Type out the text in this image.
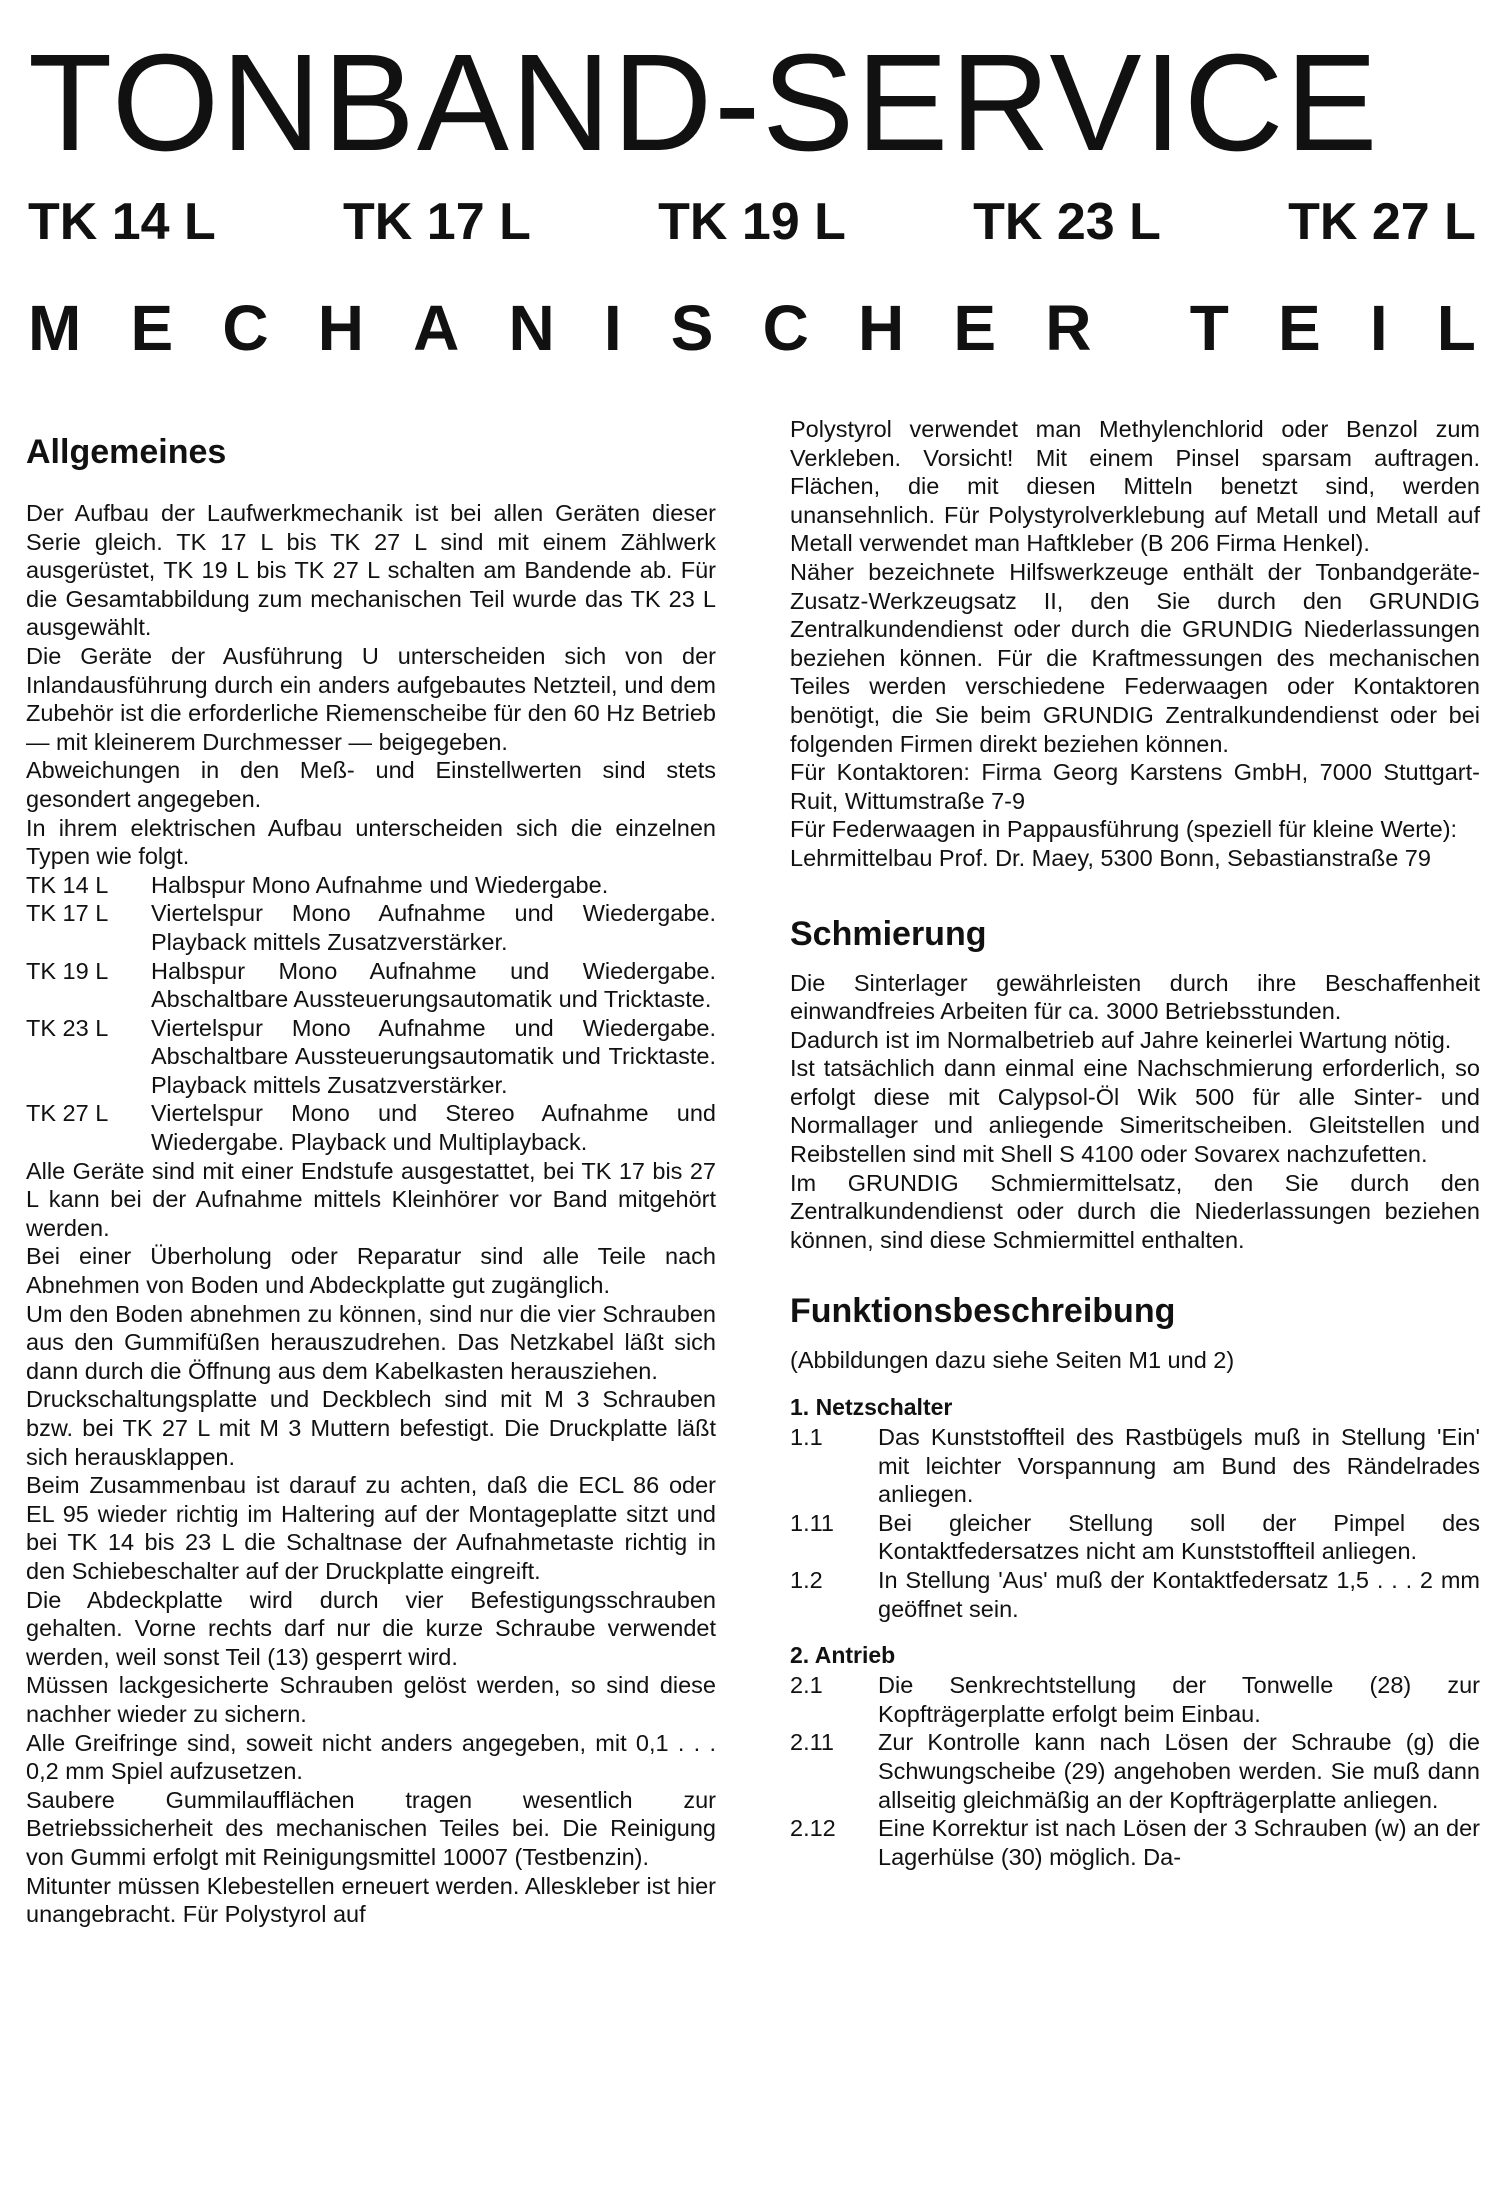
TONBAND-SERVICE
TK 14 L TK 17 L TK 19 L TK 23 L TK 27 L
M E C H A N I S C H E R T E I L
Allgemeines

Der Aufbau der Laufwerkmechanik ist bei allen Geräten dieser Serie gleich. TK 17 L bis TK 27 L sind mit einem Zählwerk ausgerüstet, TK 19 L bis TK 27 L schalten am Bandende ab. Für die Gesamtabbildung zum mechanischen Teil wurde das TK 23 L ausgewählt.

Die Geräte der Ausführung U unterscheiden sich von der Inlandausführung durch ein anders aufgebautes Netzteil, und dem Zubehör ist die erforderliche Riemenscheibe für den 60 Hz Betrieb — mit kleinerem Durchmesser — beigegeben.

Abweichungen in den Meß- und Einstellwerten sind stets gesondert angegeben.

In ihrem elektrischen Aufbau unterscheiden sich die einzelnen Typen wie folgt.

TK 14 L	Halbspur Mono Aufnahme und Wiedergabe.
TK 17 L	Viertelspur Mono Aufnahme und Wiedergabe. Playback mittels Zusatzverstärker.
TK 19 L	Halbspur Mono Aufnahme und Wiedergabe. Abschaltbare Aussteuerungsautomatik und Tricktaste.
TK 23 L	Viertelspur Mono Aufnahme und Wiedergabe. Abschaltbare Aussteuerungsautomatik und Tricktaste. Playback mittels Zusatzverstärker.
TK 27 L	Viertelspur Mono und Stereo Aufnahme und Wiedergabe. Playback und Multiplayback.

Alle Geräte sind mit einer Endstufe ausgestattet, bei TK 17 bis 27 L kann bei der Aufnahme mittels Kleinhörer vor Band mitgehört werden.

Bei einer Überholung oder Reparatur sind alle Teile nach Abnehmen von Boden und Abdeckplatte gut zugänglich.

Um den Boden abnehmen zu können, sind nur die vier Schrauben aus den Gummifüßen herauszudrehen. Das Netzkabel läßt sich dann durch die Öffnung aus dem Kabelkasten herausziehen.

Druckschaltungsplatte und Deckblech sind mit M 3 Schrauben bzw. bei TK 27 L mit M 3 Muttern befestigt. Die Druckplatte läßt sich herausklappen.

Beim Zusammenbau ist darauf zu achten, daß die ECL 86 oder EL 95 wieder richtig im Haltering auf der Montageplatte sitzt und bei TK 14 bis 23 L die Schaltnase der Aufnahmetaste richtig in den Schiebeschalter auf der Druckplatte eingreift.

Die Abdeckplatte wird durch vier Befestigungsschrauben gehalten. Vorne rechts darf nur die kurze Schraube verwendet werden, weil sonst Teil (13) gesperrt wird.

Müssen lackgesicherte Schrauben gelöst werden, so sind diese nachher wieder zu sichern.

Alle Greifringe sind, soweit nicht anders angegeben, mit 0,1 . . . 0,2 mm Spiel aufzusetzen.

Saubere Gummilaufflächen tragen wesentlich zur Betriebssicherheit des mechanischen Teiles bei. Die Reinigung von Gummi erfolgt mit Reinigungsmittel 10007 (Testbenzin).

Mitunter müssen Klebestellen erneuert werden. Alleskleber ist hier unangebracht. Für Polystyrol auf

Polystyrol verwendet man Methylenchlorid oder Benzol zum Verkleben. Vorsicht! Mit einem Pinsel sparsam auftragen. Flächen, die mit diesen Mitteln benetzt sind, werden unansehnlich. Für Polystyrolverklebung auf Metall und Metall auf Metall verwendet man Haftkleber (B 206 Firma Henkel).

Näher bezeichnete Hilfswerkzeuge enthält der Tonbandgeräte-Zusatz-Werkzeugsatz II, den Sie durch den GRUNDIG Zentralkundendienst oder durch die GRUNDIG Niederlassungen beziehen können. Für die Kraftmessungen des mechanischen Teiles werden verschiedene Federwaagen oder Kontaktoren benötigt, die Sie beim GRUNDIG Zentralkundendienst oder bei folgenden Firmen direkt beziehen können.

Für Kontaktoren: Firma Georg Karstens GmbH, 7000 Stuttgart-Ruit, Wittumstraße 7-9

Für Federwaagen in Pappausführung (speziell für kleine Werte):

Lehrmittelbau Prof. Dr. Maey, 5300 Bonn, Sebastianstraße 79

Schmierung

Die Sinterlager gewährleisten durch ihre Beschaffenheit einwandfreies Arbeiten für ca. 3000 Betriebsstunden.

Dadurch ist im Normalbetrieb auf Jahre keinerlei Wartung nötig.

Ist tatsächlich dann einmal eine Nachschmierung erforderlich, so erfolgt diese mit Calypsol-Öl Wik 500 für alle Sinter- und Normallager und anliegende Simeritscheiben. Gleitstellen und Reibstellen sind mit Shell S 4100 oder Sovarex nachzufetten.

Im GRUNDIG Schmiermittelsatz, den Sie durch den Zentralkundendienst oder durch die Niederlassungen beziehen können, sind diese Schmiermittel enthalten.

Funktionsbeschreibung

(Abbildungen dazu siehe Seiten M1 und 2)

1. Netzschalter
1.1	Das Kunststoffteil des Rastbügels muß in Stellung 'Ein' mit leichter Vorspannung am Bund des Rändelrades anliegen.
1.11	Bei gleicher Stellung soll der Pimpel des Kontaktfedersatzes nicht am Kunststoffteil anliegen.
1.2	In Stellung 'Aus' muß der Kontaktfedersatz 1,5 . . . 2 mm geöffnet sein.
2. Antrieb
2.1	Die Senkrechtstellung der Tonwelle (28) zur Kopfträgerplatte erfolgt beim Einbau.
2.11	Zur Kontrolle kann nach Lösen der Schraube (g) die Schwungscheibe (29) angehoben werden. Sie muß dann allseitig gleichmäßig an der Kopfträgerplatte anliegen.
2.12	Eine Korrektur ist nach Lösen der 3 Schrauben (w) an der Lagerhülse (30) möglich. Da-
